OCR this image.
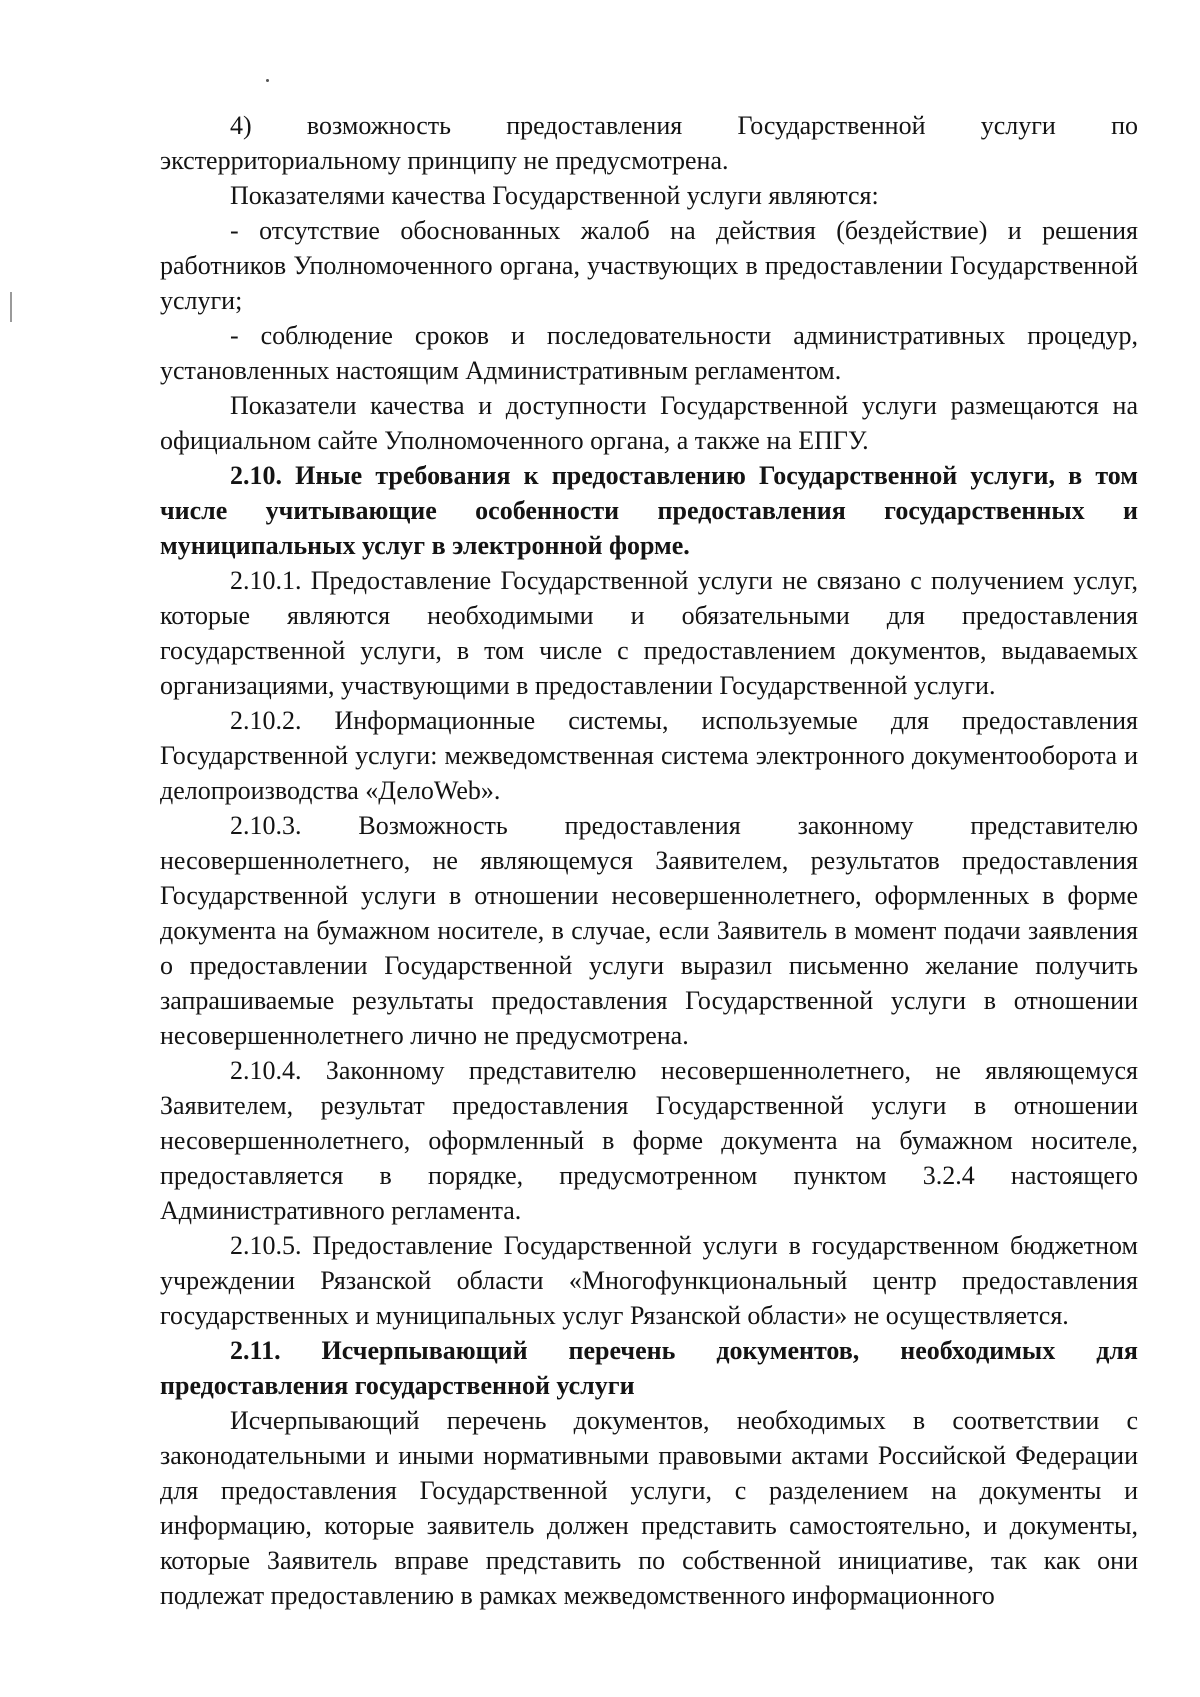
4) возможность предоставления Государственной услуги по экстерриториальному принципу не предусмотрена.

Показателями качества Государственной услуги являются:

- отсутствие обоснованных жалоб на действия (бездействие) и решения работников Уполномоченного органа, участвующих в предоставлении Государственной услуги;

- соблюдение сроков и последовательности административных процедур, установленных настоящим Административным регламентом.

Показатели качества и доступности Государственной услуги размещаются на официальном сайте Уполномоченного органа, а также на ЕПГУ.

2.10. Иные требования к предоставлению Государственной услуги, в том числе учитывающие особенности предоставления государственных и муниципальных услуг в электронной форме.

2.10.1. Предоставление Государственной услуги не связано с получением услуг, которые являются необходимыми и обязательными для предоставления государственной услуги, в том числе с предоставлением документов, выдаваемых организациями, участвующими в предоставлении Государственной услуги.

2.10.2. Информационные системы, используемые для предоставления Государственной услуги: межведомственная система электронного документооборота и делопроизводства «ДелоWeb».

2.10.3. Возможность предоставления законному представителю несовершеннолетнего, не являющемуся Заявителем, результатов предоставления Государственной услуги в отношении несовершеннолетнего, оформленных в форме документа на бумажном носителе, в случае, если Заявитель в момент подачи заявления о предоставлении Государственной услуги выразил письменно желание получить запрашиваемые результаты предоставления Государственной услуги в отношении несовершеннолетнего лично не предусмотрена.

2.10.4. Законному представителю несовершеннолетнего, не являющемуся Заявителем, результат предоставления Государственной услуги в отношении несовершеннолетнего, оформленный в форме документа на бумажном носителе, предоставляется в порядке, предусмотренном пунктом 3.2.4 настоящего Административного регламента.

2.10.5. Предоставление Государственной услуги в государственном бюджетном учреждении Рязанской области «Многофункциональный центр предоставления государственных и муниципальных услуг Рязанской области» не осуществляется.

2.11. Исчерпывающий перечень документов, необходимых для предоставления государственной услуги

Исчерпывающий перечень документов, необходимых в соответствии с законодательными и иными нормативными правовыми актами Российской Федерации для предоставления Государственной услуги, с разделением на документы и информацию, которые заявитель должен представить самостоятельно, и документы, которые Заявитель вправе представить по собственной инициативе, так как они подлежат предоставлению в рамках межведомственного информационного
